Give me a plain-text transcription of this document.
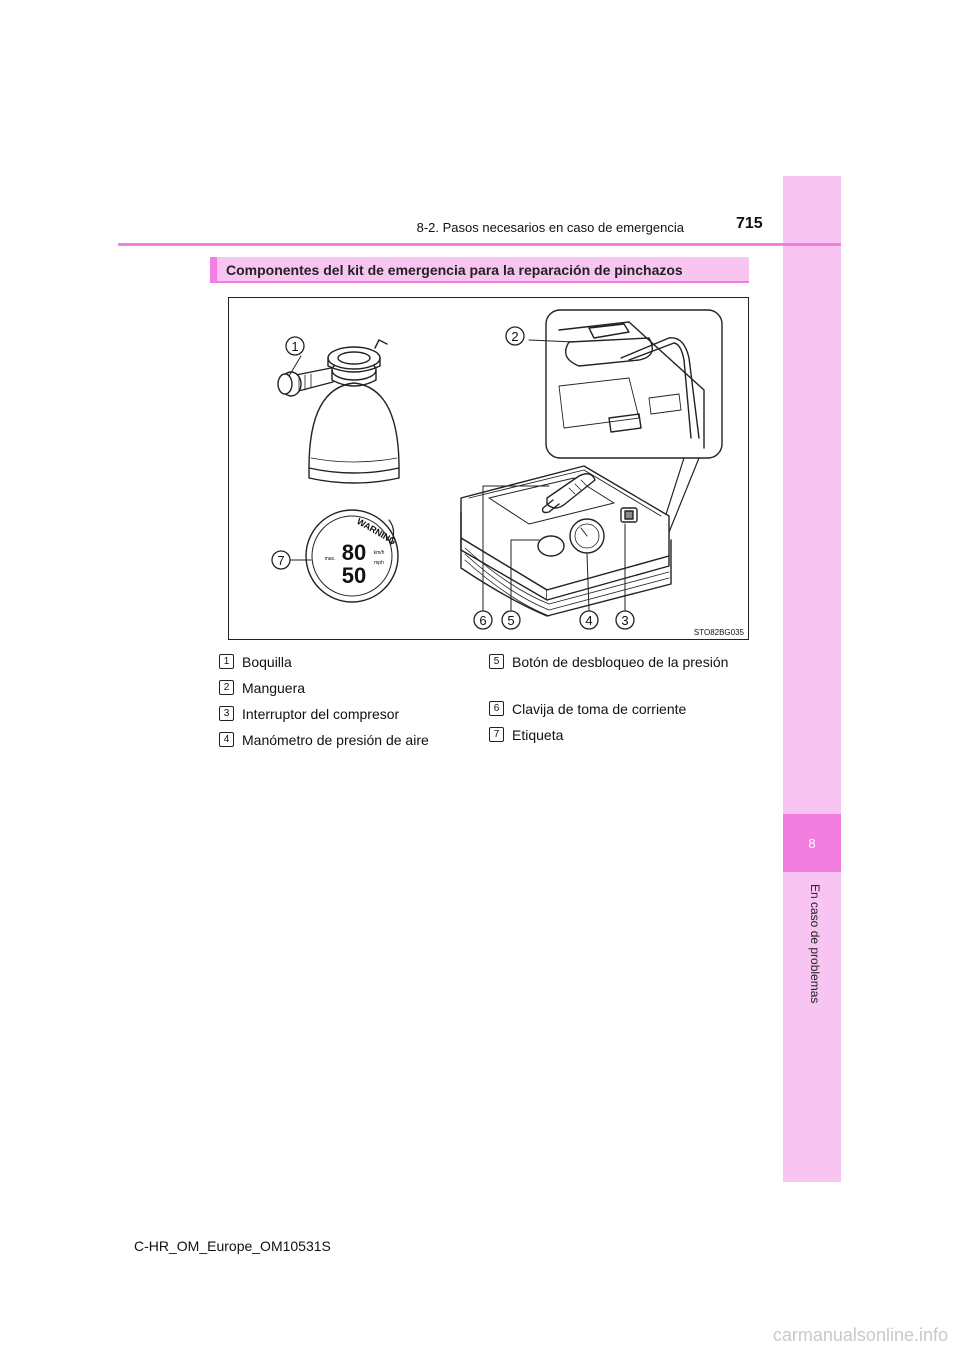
8
En caso de problemas
8-2. Pasos necesarios en caso de emergencia	715
Componentes del kit de emergencia para la reparación de pinchazos
1
2
3
4
5
6
7
WARNING
80
50
km/h
mph
max.
STO82BG035
1 Boquilla
2 Manguera
3 Interruptor del compresor
4 Manómetro de presión de aire
5 Botón de desbloqueo de la presión
6 Clavija de toma de corriente
7 Etiqueta
C-HR_OM_Europe_OM10531S
carmanualsonline.info
